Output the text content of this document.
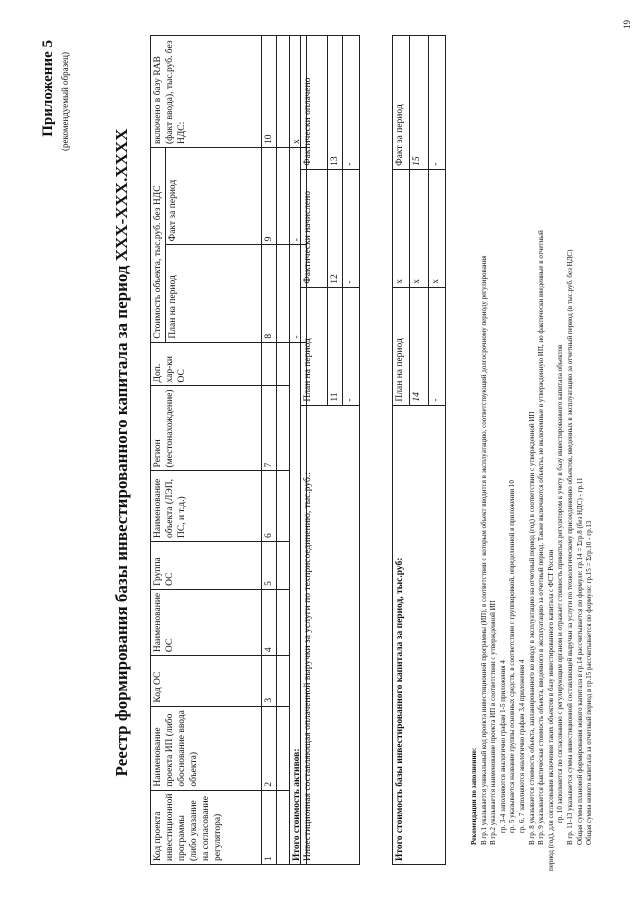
Приложение 5 (рекомендуемый образец)
Реестр формирования базы инвестированного капитала за период XXX-XXX.XXXX
Код проекта инвестиционной программы (либо указание на согласование регулятора)	Наименование проекта ИП (либо обоснование ввода объекта)	Код ОС	Наименование ОС	Группа ОС	Наименование объекта (ЛЭП, ПС, и т.д.)	Регион (местонахождение)	Доп. хар-ки ОС	Стоимость объекта, тыс.руб. без НДС		включено в базу RAB (факт ввода), тыс.руб. без НДС:
								План на период	Факт за период	
1	2	3	4	5	6	7		8	9	10

Итого стоимость активов:								-	-	х
Инвестиционная составляющая оплаченной выручки за услуги по техприсоединению, тыс.руб.:	План на период	Фактически начислено	Фактически оплачено
	11	12	13
	-	-	-
Итого стоимость базы инвестированного капитала за период, тыс.руб:	План на период	х	Факт за период
	14	х	15
	-	х	-
Рекомендации по заполнению: В гр.1 указывается уникальный код проекта инвестиционной программы (ИП), в соответствии с которым объект вводится в эксплуатацию, соответствующий долгосрочному периоду регулирования В гр.2 указывается наименование проекта ИП в соответствии с утвержденной ИП гр. 3-4 заполняются аналогично графам 1-5 приложения 4 гр. 5 указывается название группы основных средств, в соответствии с группировкой, определенной в приложении 10 гр. 6, 7 заполняются аналогично графам 3,4 приложения 4 В гр. 8 указывается стоимость объекта, запланированного ко вводу в эксплуатацию на отчетный период (год) в соответствии с утвержденной ИП В гр. 9 указывается фактическая стоимость объекта, введенного в эксплуатацию за отчетный период. Также включаются объекты, не включенные в утвержденную ИП, но фактически введенные в отчетный период (год), для согласования включения таких объектов в базу инвестированного капитала с ФСТ России гр. 10 заполняется по согласованию с регулирующим органом и отражает стоимость принятых регулятором к учету в базу инвестированного капитала объектов В гр. 11-13 указывается сумма инвестиционной составляющей выручки за услуги по технологическому присоединению объектов, введенных в эксплуатацию за отчетный период (в тыс.руб. без НДС) Общая сумма плановой формирования нового капитала в гр.14 рассчитывается по формуле: гр.14 = Σгр.8 (без НДС) - гр.11 Общая сумма нового капитала за отчетный период в гр.15 рассчитывается по формуле: гр.15 = Σгр.10 - гр.13
19
